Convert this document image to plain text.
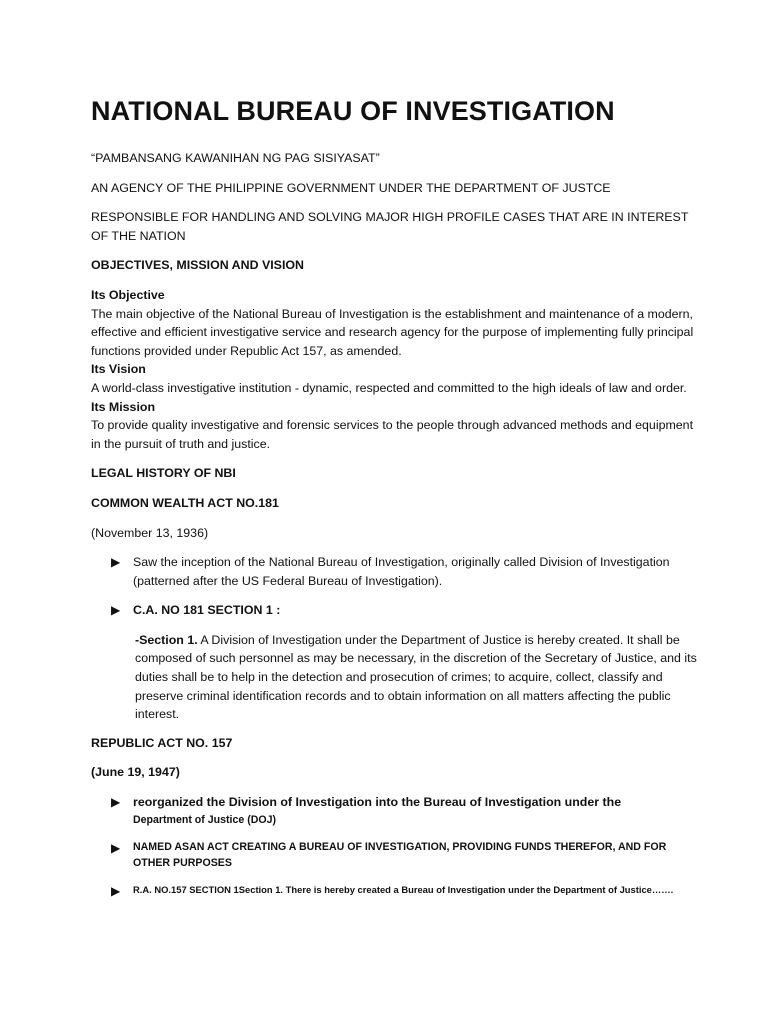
NATIONAL BUREAU OF INVESTIGATION

“PAMBANSANG KAWANIHAN NG PAG SISIYASAT”

AN AGENCY OF THE PHILIPPINE GOVERNMENT UNDER THE DEPARTMENT OF JUSTCE

RESPONSIBLE FOR HANDLING AND SOLVING MAJOR HIGH PROFILE CASES THAT ARE IN INTEREST OF THE NATION

OBJECTIVES, MISSION AND VISION

Its Objective

The main objective of the National Bureau of Investigation is the establishment and maintenance of a modern, effective and efficient investigative service and research agency for the purpose of implementing fully principal functions provided under Republic Act 157, as amended.

Its Vision

A world-class investigative institution - dynamic, respected and committed to the high ideals of law and order.

Its Mission

To provide quality investigative and forensic services to the people through advanced methods and equipment in the pursuit of truth and justice.

LEGAL HISTORY OF NBI

COMMON WEALTH ACT NO.181

(November 13, 1936)

▶	Saw the inception of the National Bureau of Investigation, originally called Division of Investigation (patterned after the US Federal Bureau of Investigation).

▶	C.A. NO 181 SECTION 1 :

-Section 1. A Division of Investigation under the Department of Justice is hereby created. It shall be composed of such personnel as may be necessary, in the discretion of the Secretary of Justice, and its duties shall be to help in the detection and prosecution of crimes; to acquire, collect, classify and preserve criminal identification records and to obtain information on all matters affecting the public interest.

REPUBLIC ACT NO. 157

(June 19, 1947)

▶	reorganized the Division of Investigation into the Bureau of Investigation under the

Department of Justice (DOJ)

▶	NAMED ASAN ACT CREATING A BUREAU OF INVESTIGATION, PROVIDING FUNDS THEREFOR, AND FOR OTHER PURPOSES

▶	R.A. NO.157 SECTION 1Section 1. There is hereby created a Bureau of Investigation under the Department of Justice…….
